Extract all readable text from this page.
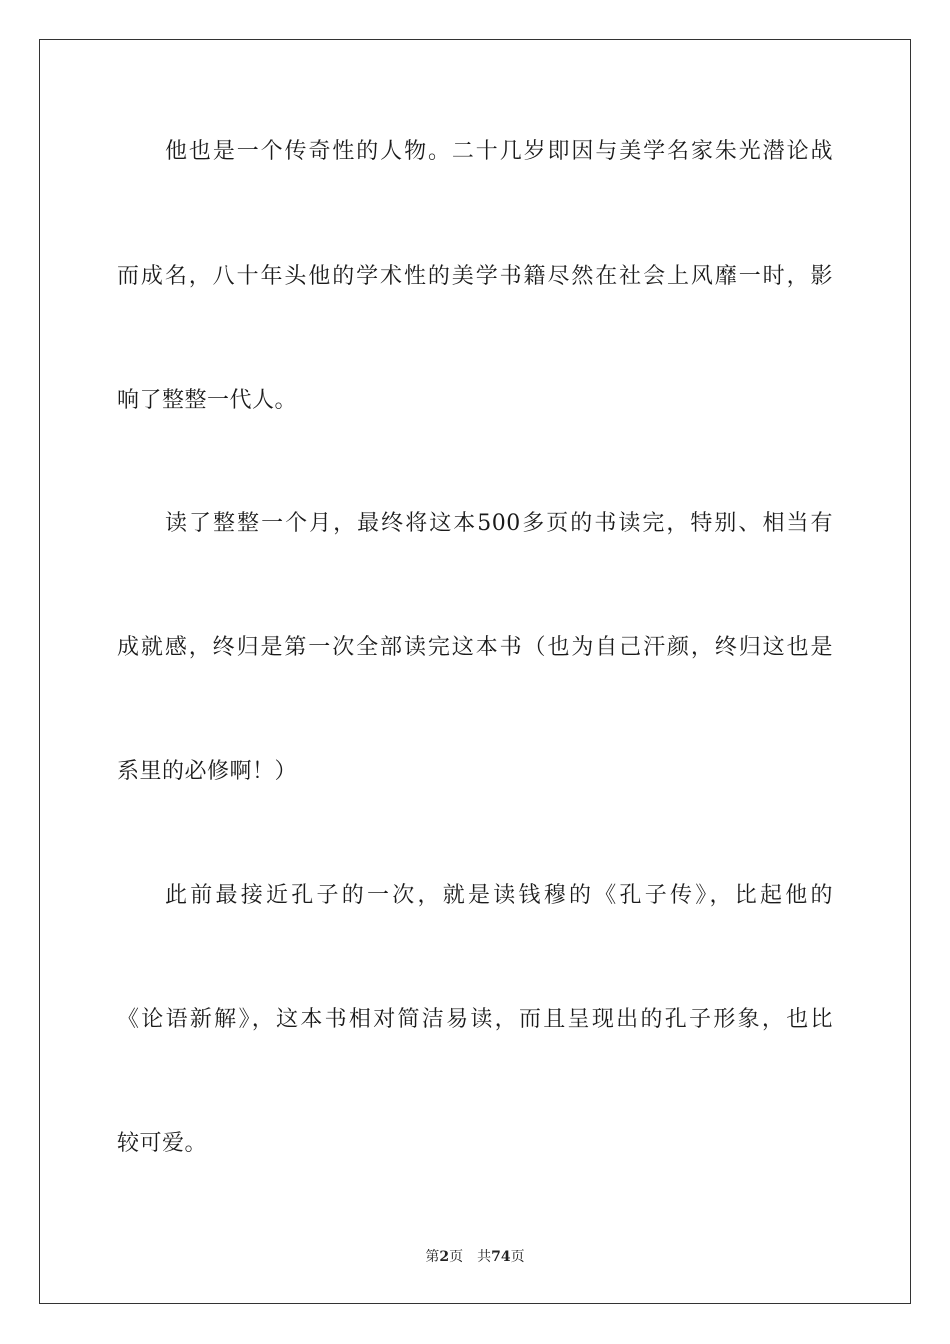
他也是一个传奇性的人物。二十几岁即因与美学名家朱光潜论战
而成名，八十年头他的学术性的美学书籍尽然在社会上风靡一时，影
响了整整一代人。
读了整整一个月，最终将这本500多页的书读完，特别、相当有
成就感，终归是第一次全部读完这本书（也为自己汗颜，终归这也是
系里的必修啊！）
此前最接近孔子的一次，就是读钱穆的《孔子传》，比起他的
《论语新解》，这本书相对简洁易读，而且呈现出的孔子形象，也比
较可爱。
第2页 共74页
